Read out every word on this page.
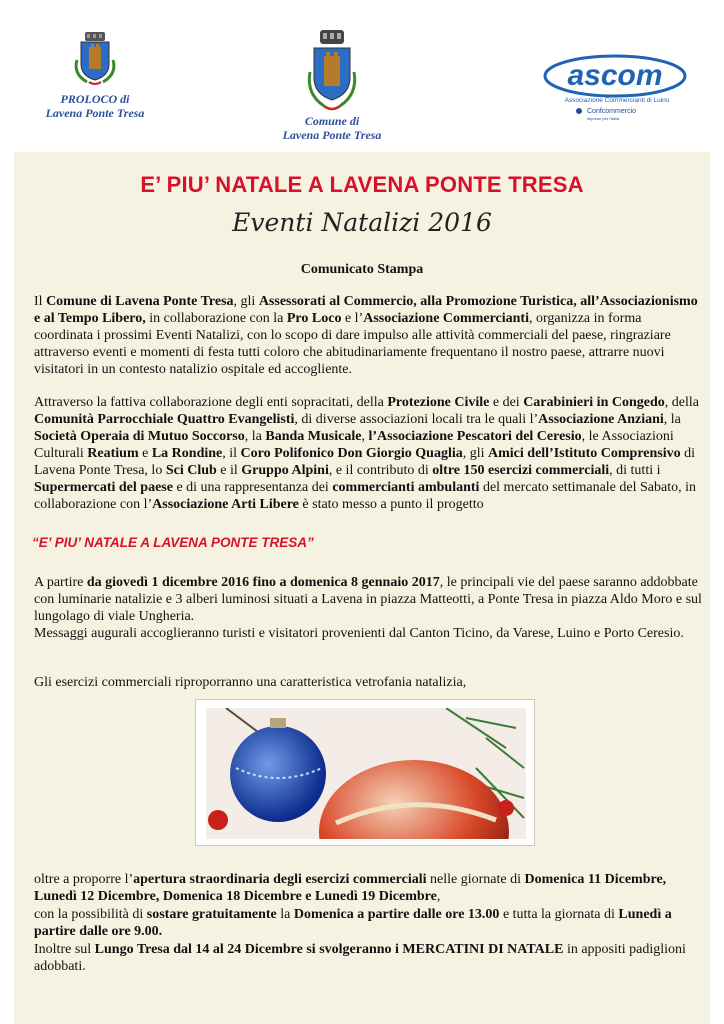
PROLOCO di
Lavena Ponte Tresa
Comune di
Lavena Ponte Tresa
ascom
Associazione Commercianti di Luino
Confcommercio
imprese per l'italia
E’ PIU’ NATALE A LAVENA PONTE TRESA
Eventi Natalizi 2016
Comunicato Stampa
Il Comune di Lavena Ponte Tresa, gli Assessorati al Commercio, alla Promozione Turistica, all’Associazionismo e al Tempo Libero, in collaborazione con la Pro Loco e l’Associazione Commercianti, organizza in forma coordinata i prossimi Eventi Natalizi, con lo scopo di dare impulso alle attività commerciali del paese, ringraziare attraverso eventi e momenti di festa tutti coloro che abitudinariamente frequentano il nostro paese, attrarre nuovi visitatori in un contesto natalizio ospitale ed accogliente.
Attraverso la fattiva collaborazione degli enti sopracitati, della Protezione Civile e dei Carabinieri in Congedo, della Comunità Parrocchiale Quattro Evangelisti, di diverse associazioni locali tra le quali l’Associazione Anziani, la Società Operaia di Mutuo Soccorso, la Banda Musicale, l’Associazione Pescatori del Ceresio, le Associazioni Culturali Reatium e La Rondine, il Coro Polifonico Don Giorgio Quaglia, gli Amici dell’Istituto Comprensivo di Lavena Ponte Tresa, lo Sci Club e il Gruppo Alpini, e il contributo di oltre 150 esercizi commerciali, di tutti i Supermercati del paese e di una rappresentanza dei commercianti ambulanti del mercato settimanale del Sabato, in collaborazione con l’Associazione Arti Libere è stato messo a punto il progetto
“E’ PIU’ NATALE A LAVENA PONTE TRESA”
A partire da giovedì 1 dicembre 2016 fino a domenica 8 gennaio 2017, le principali vie del paese saranno addobbate con luminarie natalizie e 3 alberi luminosi situati a Lavena in piazza Matteotti, a Ponte Tresa in piazza Aldo Moro e sul lungolago di viale Ungheria.
Messaggi augurali accoglieranno turisti e visitatori provenienti dal Canton Ticino, da Varese, Luino e Porto Ceresio.
Gli esercizi commerciali riproporranno una caratteristica vetrofania natalizia,
oltre a proporre l’apertura straordinaria degli esercizi commerciali nelle giornate di Domenica 11 Dicembre, Lunedì 12 Dicembre, Domenica 18 Dicembre e Lunedì 19 Dicembre,
con la possibilità di sostare gratuitamente la Domenica a partire dalle ore 13.00 e tutta la giornata di Lunedì a partire dalle ore 9.00.
Inoltre sul Lungo Tresa dal 14 al 24 Dicembre si svolgeranno i MERCATINI DI NATALE in appositi padiglioni adobbati.
